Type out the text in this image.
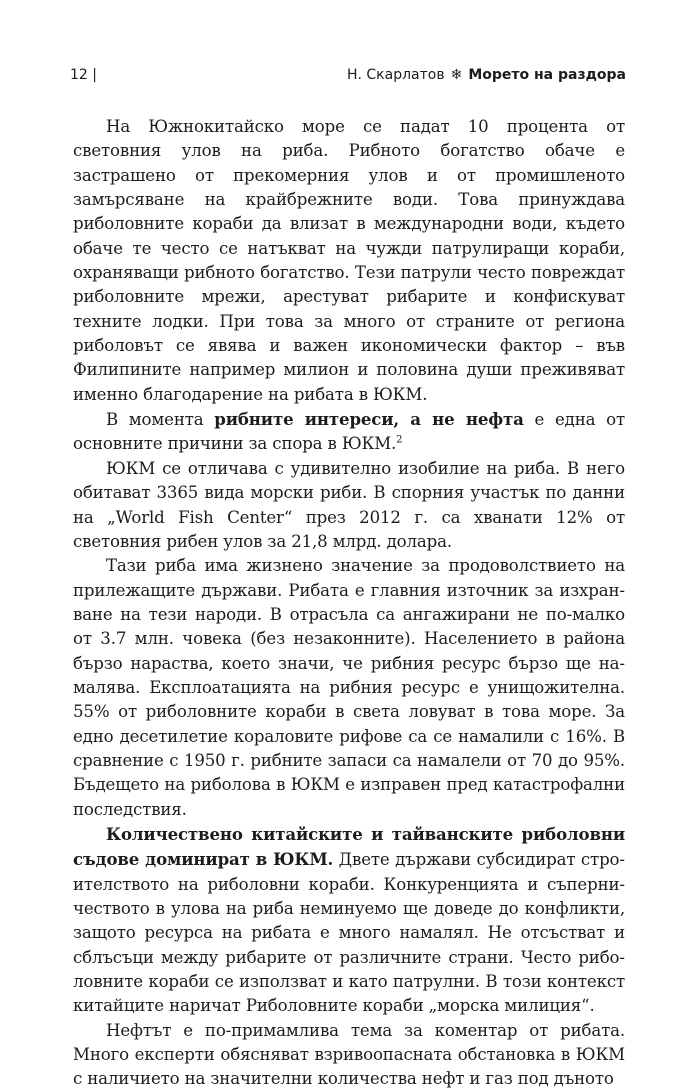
12 |	Н. Скарлатов ❄ Морето на раздора

На Южнокитайско море се падат 10 процента от световния улов на риба. Рибното богатство обаче е застрашено от прекомерния улов и от промишленото замърсяване на крайбрежните води. Това принуждава риболовните кораби да влизат в международни води, където обаче те често се натъкват на чужди патрулиращи кораби, охраняващи рибното богатство. Тези патрули често повреждат риболовните мрежи, арестуват рибарите и конфискуват техните лодки. При това за много от страните от региона риболовът се явява и важен икономически фактор – във Филипините например милион и половина души преживяват именно благодарение на рибата в ЮКМ.

В момента рибните интереси, а не нефта е една от основните причини за спора в ЮКМ.$^2$

ЮКМ се отличава с удивително изобилие на риба. В него обитават 3365 вида морски риби. В спорния участък по данни на „World Fish Center“ през 2012 г. са хванати 12% от световния рибен улов за 21,8 млрд. долара.

Тази риба има жизнено значение за продоволствието на прилежащите държави. Рибата е главния източник за изхранване на тези народи. В отрасъла са ангажирани не по-малко от 3.7 млн. човека (без незаконните). Населението в района бързо нараства, което значи, че рибния ресурс бързо ще намалява. Експлоатацията на рибния ресурс е унищожителна. 55% от риболовните кораби в света ловуват в това море. За едно десетилетие кораловите рифове са се намалили с 16%. В сравнение с 1950 г. рибните запаси са намалели от 70 до 95%. Бъдещето на риболова в ЮКМ е изправен пред катастрофални последствия.

Количествено китайските и тайванските риболовни съдове доминират в ЮКМ. Двете държави субсидират строителството на риболовни кораби. Конкуренцията и съперничеството в улова на риба неминуемо ще доведе до конфликти, защото ресурса на рибата е много намалял. Не отсъстват и сблъсъци между рибарите от различните страни. Често риболовните кораби се използват и като патрулни. В този контекст китайците наричат Риболовните кораби „морска милиция“.

Нефтът е по-примамлива тема за коментар от рибата. Много експерти обясняват взривоопасната обстановка в ЮКМ с наличието на значителни количества нефт и газ под дъното
